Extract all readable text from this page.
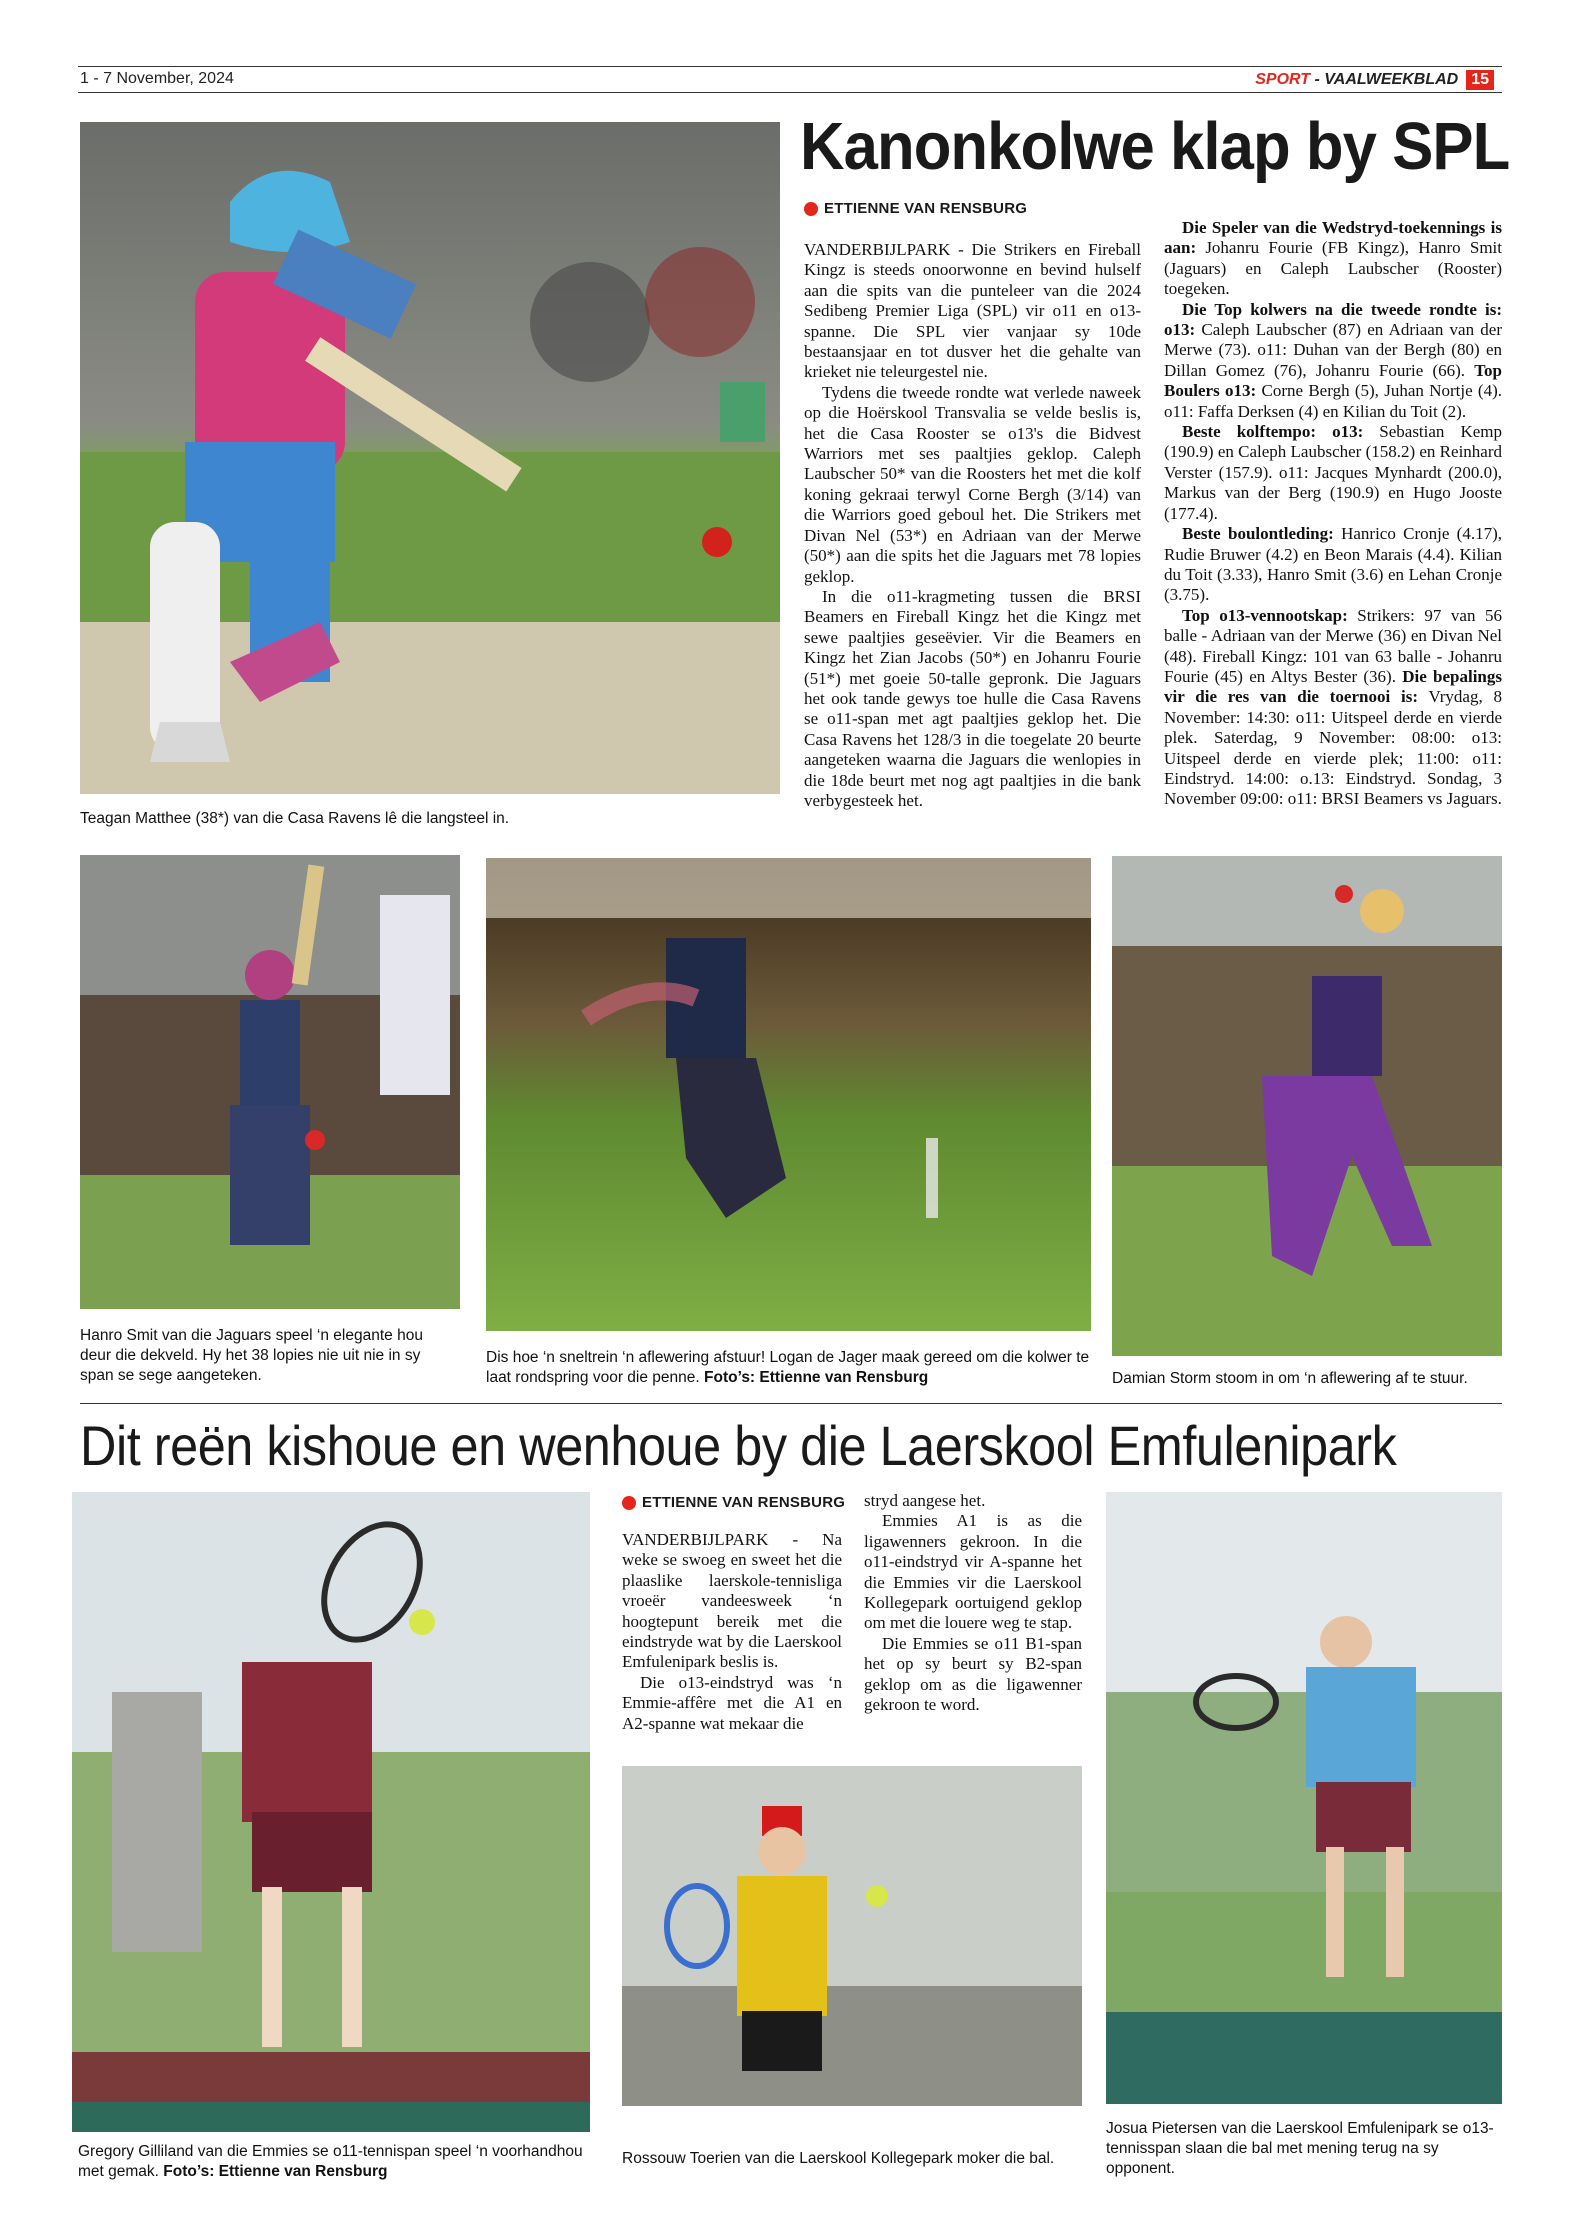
1 - 7 November, 2024	SPORT - VAALWEEKBLAD 15
Teagan Matthee (38*) van die Casa Ravens lê die langsteel in.
Kanonkolwe klap by SPL
ETTIENNE VAN RENSBURG

VANDERBIJLPARK - Die Strikers en Fireball Kingz is steeds onoorwonne en bevind hulself aan die spits van die punteleer van die 2024 Sedibeng Premier Liga (SPL) vir o11 en o13-spanne. Die SPL vier vanjaar sy 10de bestaansjaar en tot dusver het die gehalte van krieket nie teleurgestel nie.

Tydens die tweede rondte wat verlede naweek op die Hoërskool Transvalia se velde beslis is, het die Casa Rooster se o13's die Bidvest Warriors met ses paaltjies geklop. Caleph Laubscher 50* van die Roosters het met die kolf koning gekraai terwyl Corne Bergh (3/14) van die Warriors goed geboul het. Die Strikers met Divan Nel (53*) en Adriaan van der Merwe (50*) aan die spits het die Jaguars met 78 lopies geklop.

In die o11-kragmeting tussen die BRSI Beamers en Fireball Kingz het die Kingz met sewe paaltjies geseëvier. Vir die Beamers en Kingz het Zian Jacobs (50*) en Johanru Fourie (51*) met goeie 50-talle gepronk. Die Jaguars het ook tande gewys toe hulle die Casa Ravens se o11-span met agt paaltjies geklop het. Die Casa Ravens het 128/3 in die toegelate 20 beurte aangeteken waarna die Jaguars die wenlopies in die 18de beurt met nog agt paaltjies in die bank verbygesteek het.

Die Speler van die Wedstryd-toekennings is aan: Johanru Fourie (FB Kingz), Hanro Smit (Jaguars) en Caleph Laubscher (Rooster) toegeken.

Die Top kolwers na die tweede rondte is: o13: Caleph Laubscher (87) en Adriaan van der Merwe (73). o11: Duhan van der Bergh (80) en Dillan Gomez (76), Johanru Fourie (66). Top Boulers o13: Corne Bergh (5), Juhan Nortje (4). o11: Faffa Derksen (4) en Kilian du Toit (2).

Beste kolftempo: o13: Sebastian Kemp (190.9) en Caleph Laubscher (158.2) en Reinhard Verster (157.9). o11: Jacques Mynhardt (200.0), Markus van der Berg (190.9) en Hugo Jooste (177.4).

Beste boulontleding: Hanrico Cronje (4.17), Rudie Bruwer (4.2) en Beon Marais (4.4). Kilian du Toit (3.33), Hanro Smit (3.6) en Lehan Cronje (3.75).

Top o13-vennootskap: Strikers: 97 van 56 balle - Adriaan van der Merwe (36) en Divan Nel (48). Fireball Kingz: 101 van 63 balle - Johanru Fourie (45) en Altys Bester (36). Die bepalings vir die res van die toernooi is: Vrydag, 8 November: 14:30: o11: Uitspeel derde en vierde plek. Saterdag, 9 November: 08:00: o13: Uitspeel derde en vierde plek; 11:00: o11: Eindstryd. 14:00: o.13: Eindstryd. Sondag, 3 November 09:00: o11: BRSI Beamers vs Jaguars.

Hanro Smit van die Jaguars speel ‘n elegante hou deur die dekveld. Hy het 38 lopies nie uit nie in sy span se segе aangeteken.
Dis hoe ‘n sneltrein ‘n aflewering afstuur! Logan de Jager maak gereed om die kolwer te laat rondspring voor die penne. Foto’s: Ettienne van Rensburg	Damian Storm stoom in om ‘n aflewering af te stuur.
Dit reën kishoue en wenhoue by die Laerskool Emfulenipark
Gregory Gilliland van die Emmies se o11-tennispan speel ‘n voorhandhou met gemak. Foto’s: Ettienne van Rensburg
ETTIENNE VAN RENSBURG

VANDERBIJLPARK - Na weke se swoeg en sweet het die plaaslike laerskole-tennisliga vroeër vandeesweek ‘n hoogtepunt bereik met die eindstryde wat by die Laerskool Emfulenipark beslis is.

Die o13-eindstryd was ‘n Emmie-affêre met die A1 en A2-spanne wat mekaar die

stryd aangese het.

Emmies A1 is as die ligawenners gekroon. In die o11-eindstryd vir A-spanne het die Emmies vir die Laerskool Kollegepark oortuigend geklop om met die louere weg te stap.

Die Emmies se o11 B1-span het op sy beurt sy B2-span geklop om as die ligawenner gekroon te word.

Rossouw Toerien van die Laerskool Kollegepark moker die bal.
Josua Pietersen van die Laerskool Emfulenipark se o13-tennisspan slaan die bal met mening terug na sy opponent.
